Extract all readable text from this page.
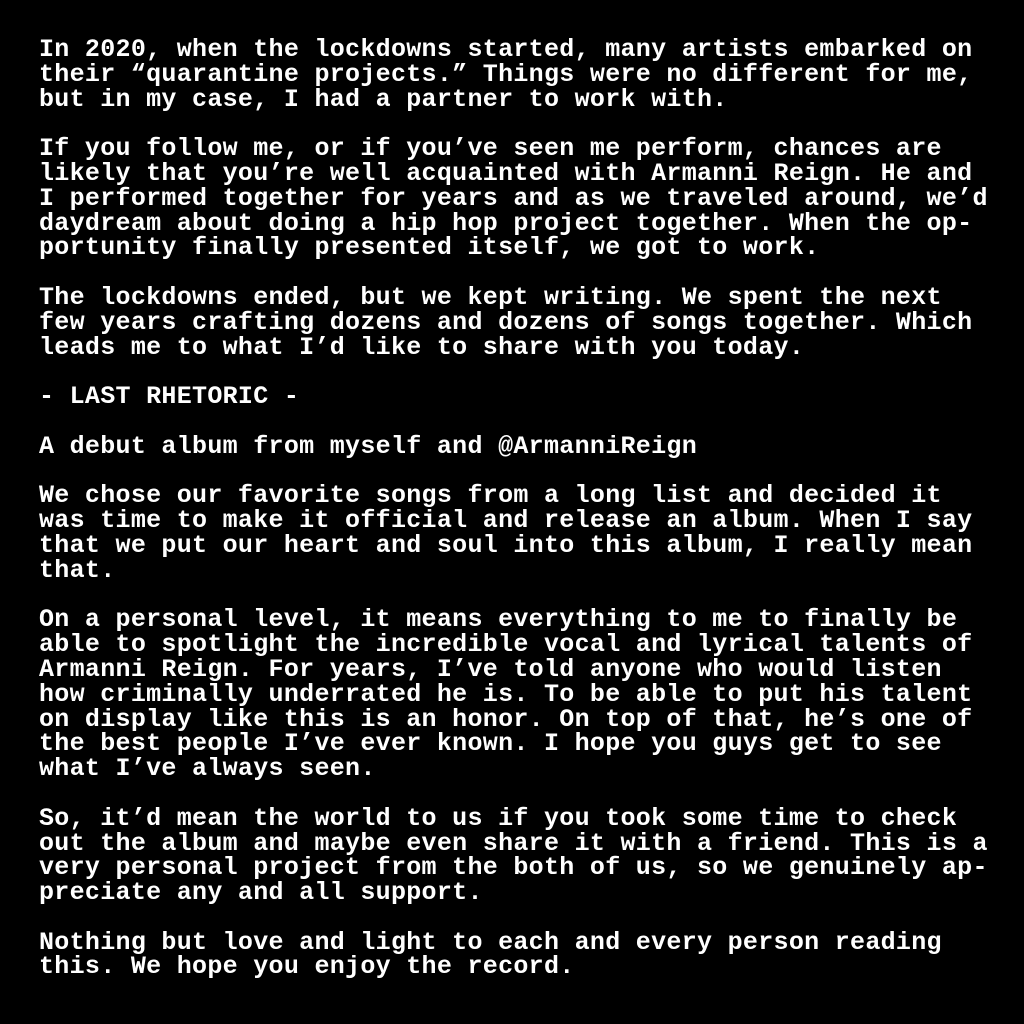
In 2020, when the lockdowns started, many artists embarked on
their “quarantine projects.” Things were no different for me,
but in my case, I had a partner to work with.
If you follow me, or if you’ve seen me perform, chances are
likely that you’re well acquainted with Armanni Reign. He and
I performed together for years and as we traveled around, we’d
daydream about doing a hip hop project together. When the op-
portunity finally presented itself, we got to work.
The lockdowns ended, but we kept writing. We spent the next
few years crafting dozens and dozens of songs together. Which
leads me to what I’d like to share with you today.
- LAST RHETORIC -
A debut album from myself and @ArmanniReign
We chose our favorite songs from a long list and decided it
was time to make it official and release an album. When I say
that we put our heart and soul into this album, I really mean
that.
On a personal level, it means everything to me to finally be
able to spotlight the incredible vocal and lyrical talents of
Armanni Reign. For years, I’ve told anyone who would listen
how criminally underrated he is. To be able to put his talent
on display like this is an honor. On top of that, he’s one of
the best people I’ve ever known. I hope you guys get to see
what I’ve always seen.
So, it’d mean the world to us if you took some time to check
out the album and maybe even share it with a friend. This is a
very personal project from the both of us, so we genuinely ap-
preciate any and all support.
Nothing but love and light to each and every person reading
this. We hope you enjoy the record.
